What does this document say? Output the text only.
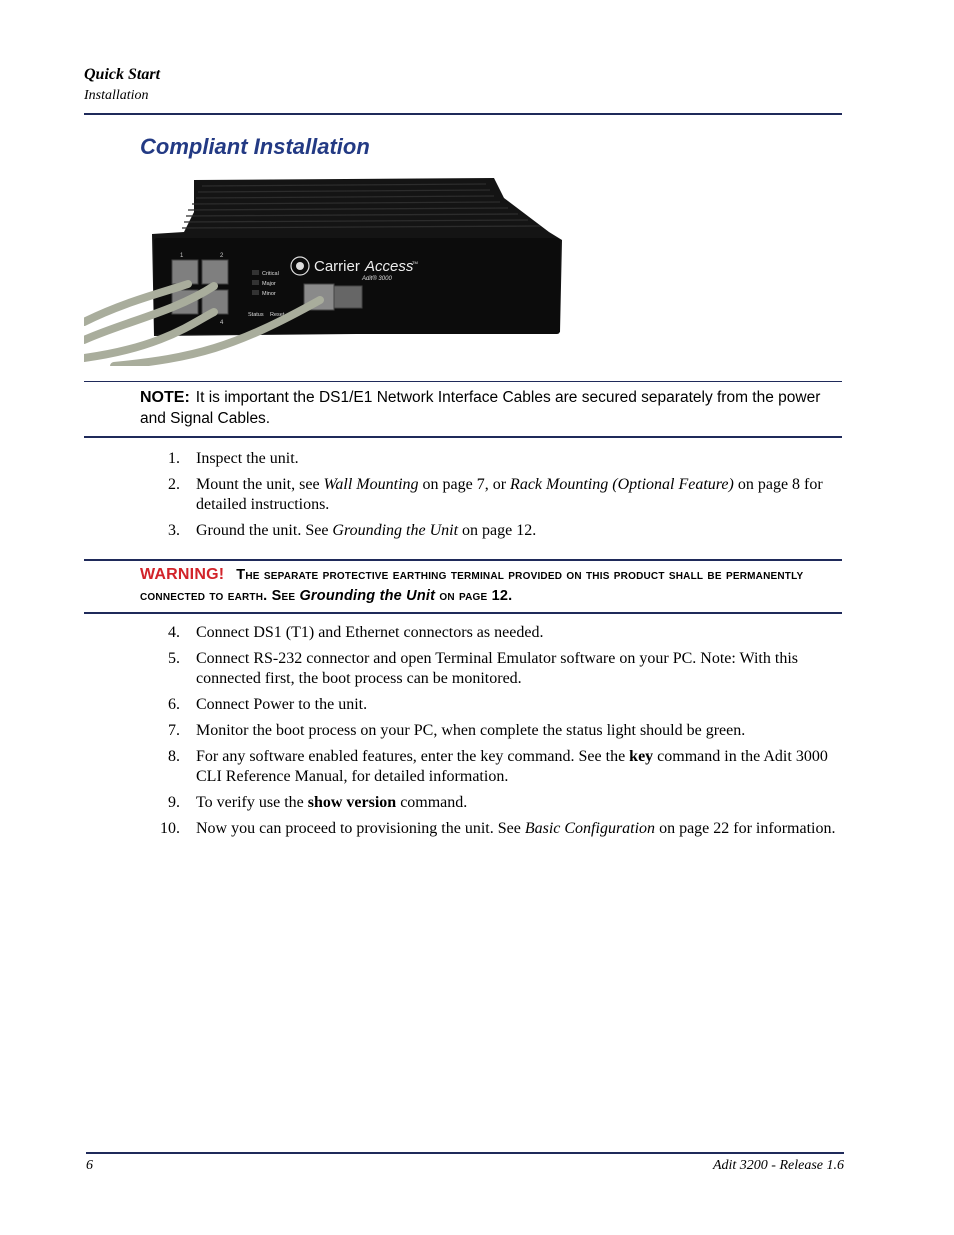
Quick Start
Installation
Compliant Installation
1	2
4
Critical
Major
Minor
Status Reset
Carrier Access
TM
Adit® 3000
NOTE: It is important the DS1/E1 Network Interface Cables are secured separately from the power and Signal Cables.
1. Inspect the unit.
2. Mount the unit, see Wall Mounting on page 7, or Rack Mounting (Optional Feature) on page 8 for detailed instructions.
3. Ground the unit. See Grounding the Unit on page 12.
WARNING! The separate protective earthing terminal provided on this product shall be permanently connected to earth. See Grounding the Unit on page 12.
4. Connect DS1 (T1) and Ethernet connectors as needed.
5. Connect RS-232 connector and open Terminal Emulator software on your PC. Note: With this connected first, the boot process can be monitored.
6. Connect Power to the unit.
7. Monitor the boot process on your PC, when complete the status light should be green.
8. For any software enabled features, enter the key command. See the key command in the Adit 3000 CLI Reference Manual, for detailed information.
9. To verify use the show version command.
10. Now you can proceed to provisioning the unit. See Basic Configuration on page 22 for information.
6	Adit 3200 - Release 1.6
